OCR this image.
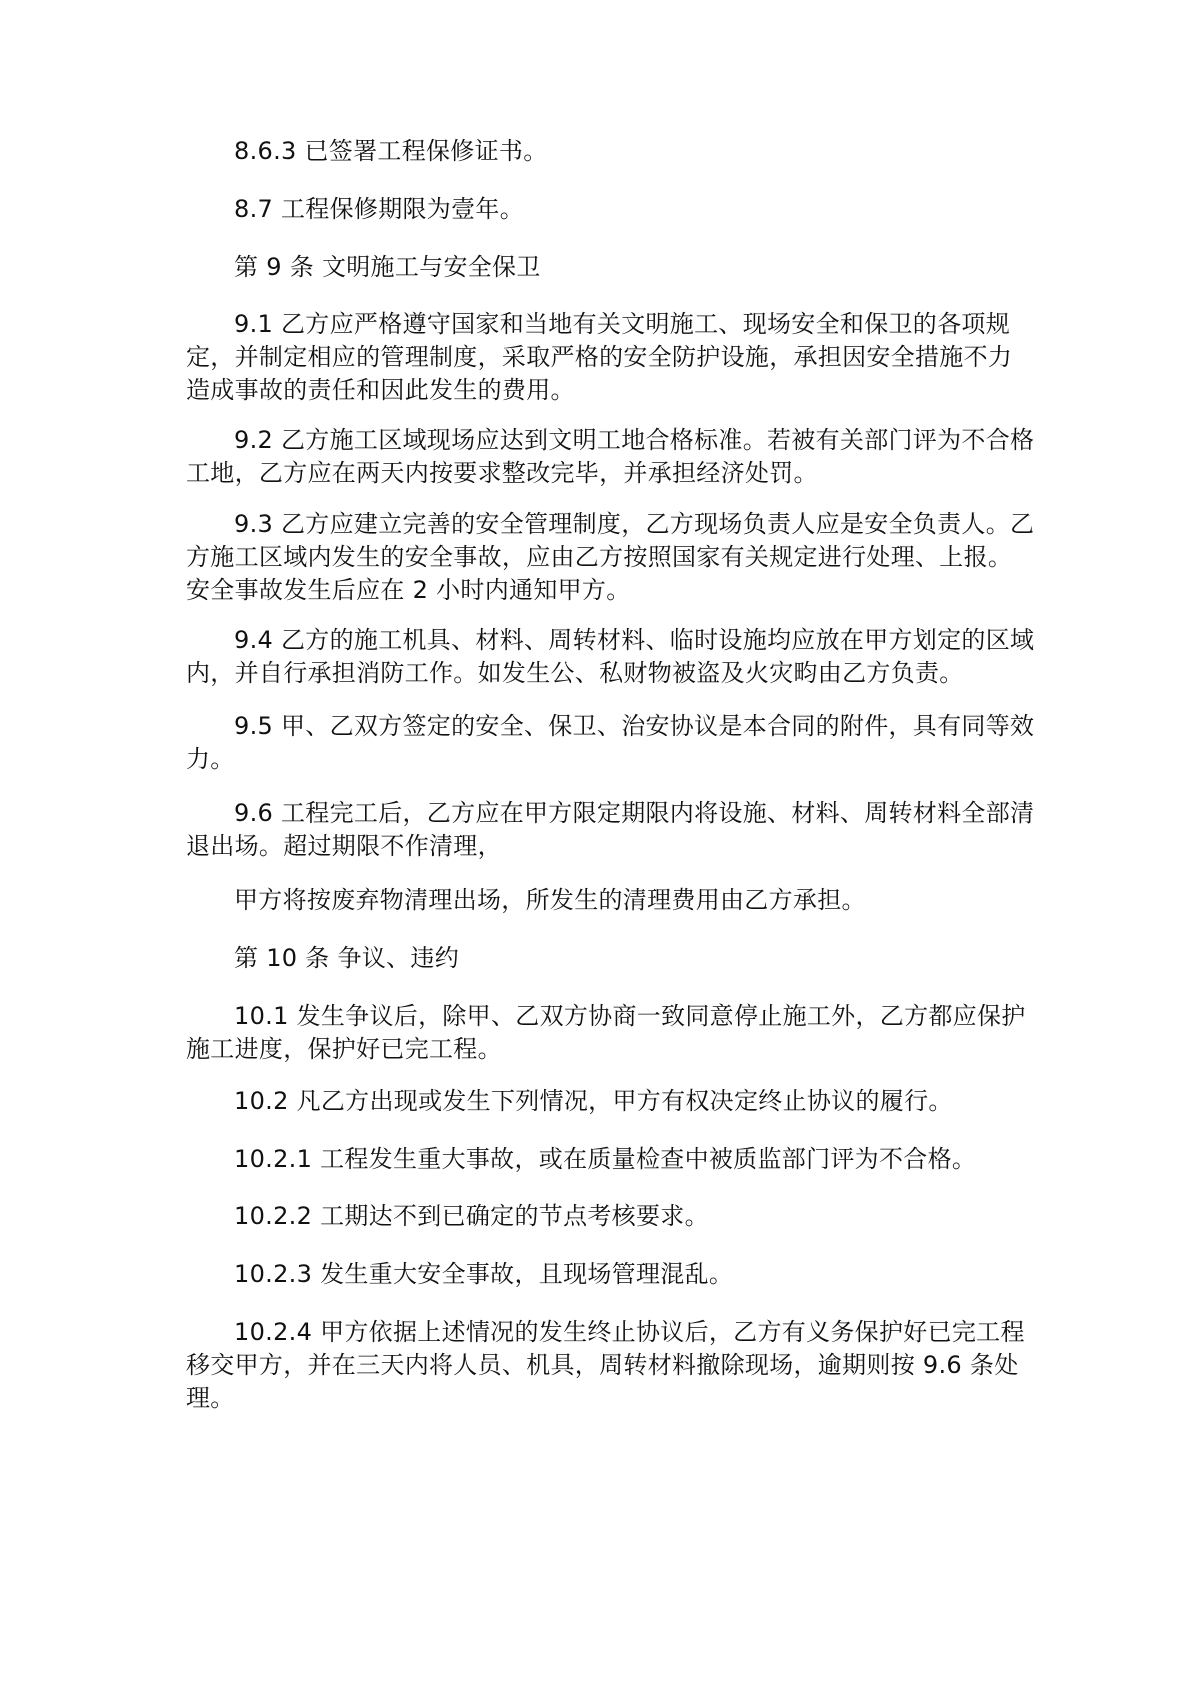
8.6.3 已签署工程保修证书。

8.7 工程保修期限为壹年。

第 9 条 文明施工与安全保卫

9.1 乙方应严格遵守国家和当地有关文明施工、现场安全和保卫的各项规定，并制定相应的管理制度，采取严格的安全防护设施，承担因安全措施不力造成事故的责任和因此发生的费用。

9.2 乙方施工区域现场应达到文明工地合格标准。若被有关部门评为不合格工地，乙方应在两天内按要求整改完毕，并承担经济处罚。

9.3 乙方应建立完善的安全管理制度，乙方现场负责人应是安全负责人。乙方施工区域内发生的安全事故，应由乙方按照国家有关规定进行处理、上报。安全事故发生后应在 2 小时内通知甲方。

9.4 乙方的施工机具、材料、周转材料、临时设施均应放在甲方划定的区域内，并自行承担消防工作。如发生公、私财物被盗及火灾畇由乙方负责。

9.5 甲、乙双方签定的安全、保卫、治安协议是本合同的附件，具有同等效力。

9.6 工程完工后，乙方应在甲方限定期限内将设施、材料、周转材料全部清退出场。超过期限不作清理，

甲方将按废弃物清理出场，所发生的清理费用由乙方承担。

第 10 条 争议、违约

10.1 发生争议后，除甲、乙双方协商一致同意停止施工外，乙方都应保护施工进度，保护好已完工程。

10.2 凡乙方出现或发生下列情况，甲方有权决定终止协议的履行。

10.2.1 工程发生重大事故，或在质量检查中被质监部门评为不合格。

10.2.2 工期达不到已确定的节点考核要求。

10.2.3 发生重大安全事故，且现场管理混乱。

10.2.4 甲方依据上述情况的发生终止协议后，乙方有义务保护好已完工程移交甲方，并在三天内将人员、机具，周转材料撤除现场，逾期则按 9.6 条处理。
